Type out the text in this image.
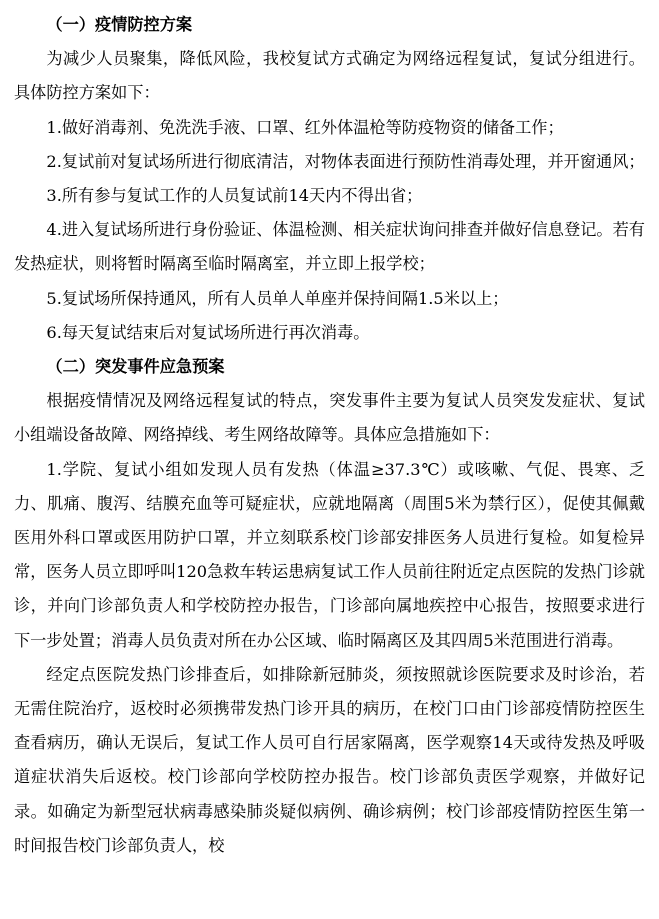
（一）疫情防控方案

为减少人员聚集，降低风险，我校复试方式确定为网络远程复试，复试分组进行。具体防控方案如下：

1.做好消毒剂、免洗洗手液、口罩、红外体温枪等防疫物资的储备工作；

2.复试前对复试场所进行彻底清洁，对物体表面进行预防性消毒处理，并开窗通风；

3.所有参与复试工作的人员复试前14天内不得出省；

4.进入复试场所进行身份验证、体温检测、相关症状询问排查并做好信息登记。若有发热症状，则将暂时隔离至临时隔离室，并立即上报学校；

5.复试场所保持通风，所有人员单人单座并保持间隔1.5米以上；

6.每天复试结束后对复试场所进行再次消毒。

（二）突发事件应急预案

根据疫情情况及网络远程复试的特点，突发事件主要为复试人员突发发症状、复试小组端设备故障、网络掉线、考生网络故障等。具体应急措施如下：

1.学院、复试小组如发现人员有发热（体温≥37.3℃）或咳嗽、气促、畏寒、乏力、肌痛、腹泻、结膜充血等可疑症状，应就地隔离（周围5米为禁行区），促使其佩戴医用外科口罩或医用防护口罩，并立刻联系校门诊部安排医务人员进行复检。如复检异常，医务人员立即呼叫120急救车转运患病复试工作人员前往附近定点医院的发热门诊就诊，并向门诊部负责人和学校防控办报告，门诊部向属地疾控中心报告，按照要求进行下一步处置；消毒人员负责对所在办公区域、临时隔离区及其四周5米范围进行消毒。

经定点医院发热门诊排查后，如排除新冠肺炎，须按照就诊医院要求及时诊治，若无需住院治疗，返校时必须携带发热门诊开具的病历，在校门口由门诊部疫情防控医生查看病历，确认无误后，复试工作人员可自行居家隔离，医学观察14天或待发热及呼吸道症状消失后返校。校门诊部向学校防控办报告。校门诊部负责医学观察，并做好记录。如确定为新型冠状病毒感染肺炎疑似病例、确诊病例；校门诊部疫情防控医生第一时间报告校门诊部负责人，校
